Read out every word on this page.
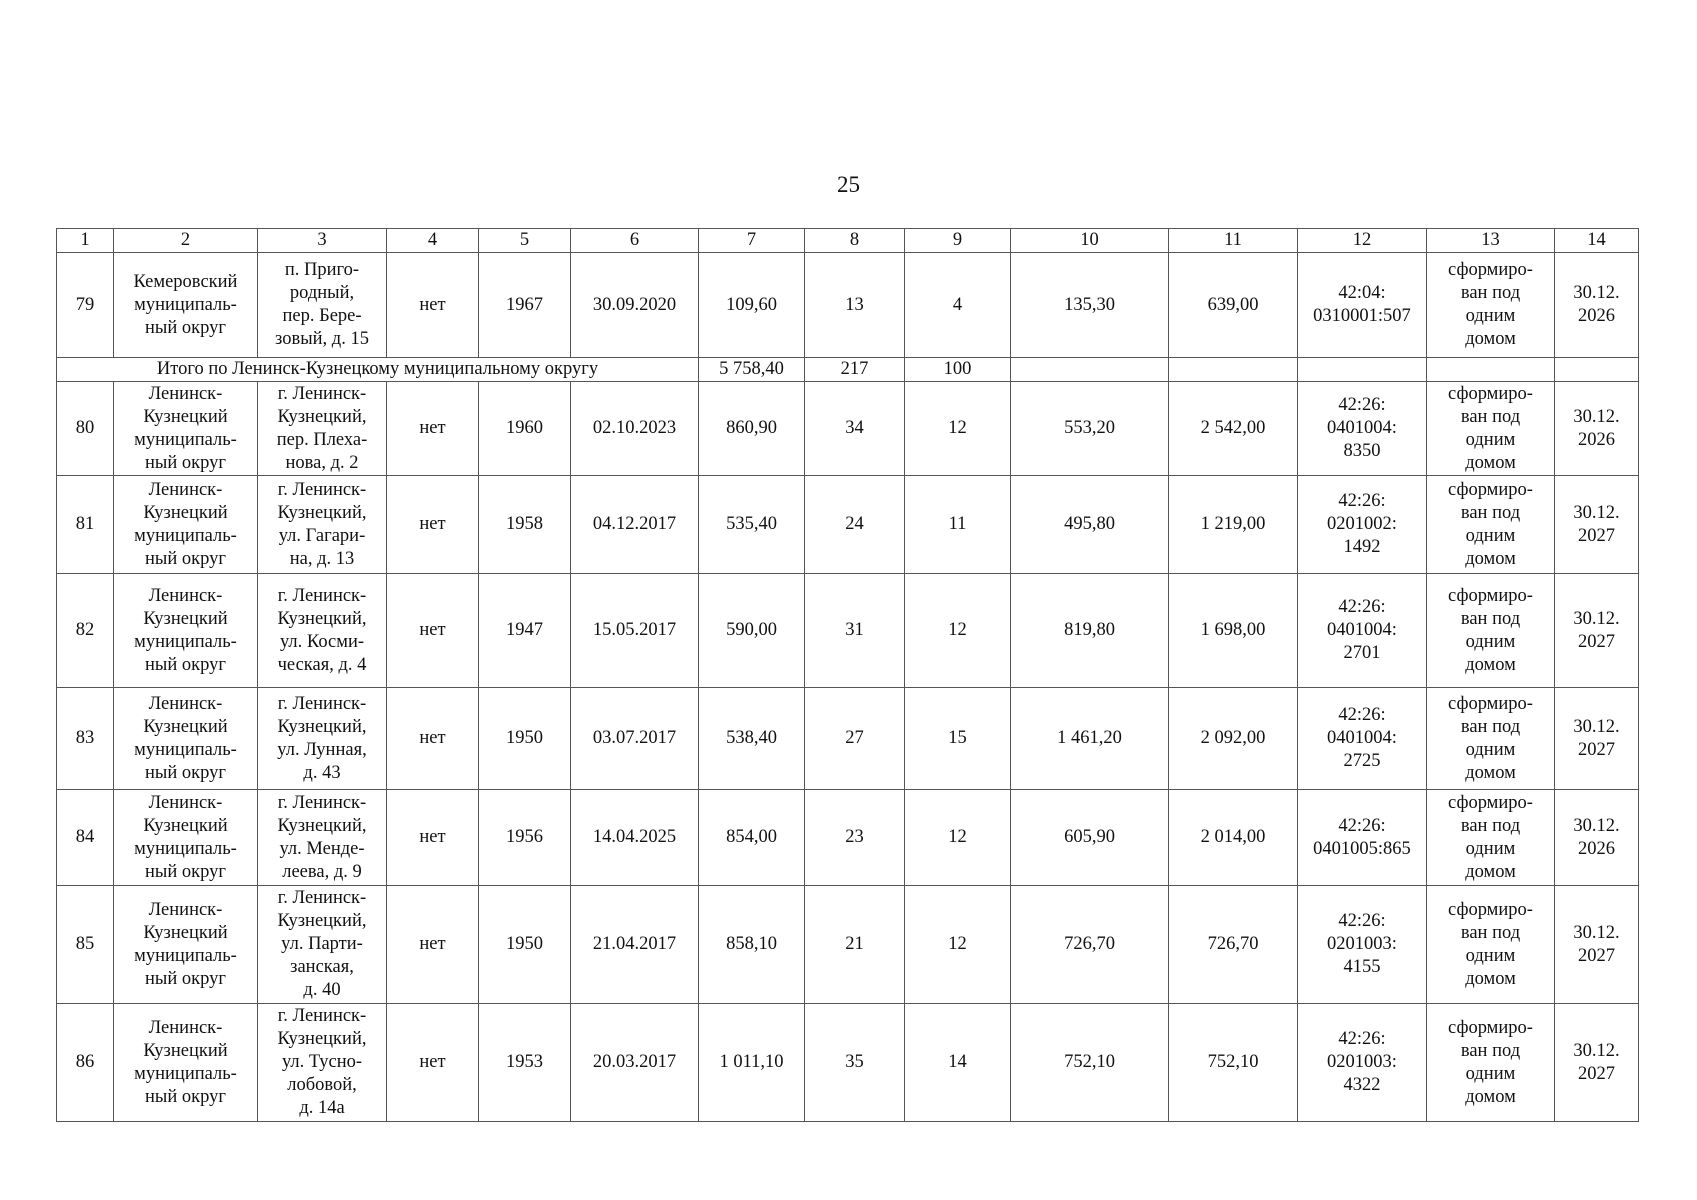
25
1	2	3	4	5	6	7	8	9	10	11	12	13	14
79	Кемеровский
муниципаль-
ный округ	п. Приго-
родный,
пер. Бере-
зовый, д. 15	нет	1967	30.09.2020	109,60	13	4	135,30	639,00	42:04:
0310001:507	сформиро-
ван под
одним
домом	30.12.
2026
Итого по Ленинск-Кузнецкому муниципальному округу						5 758,40	217	100					
80	Ленинск-
Кузнецкий
муниципаль-
ный округ	г. Ленинск-
Кузнецкий,
пер. Плеха-
нова, д. 2	нет	1960	02.10.2023	860,90	34	12	553,20	2 542,00	42:26:
0401004:
8350	сформиро-
ван под
одним
домом	30.12.
2026
81	Ленинск-
Кузнецкий
муниципаль-
ный округ	г. Ленинск-
Кузнецкий,
ул. Гагари-
на, д. 13	нет	1958	04.12.2017	535,40	24	11	495,80	1 219,00	42:26:
0201002:
1492	сформиро-
ван под
одним
домом	30.12.
2027
82	Ленинск-
Кузнецкий
муниципаль-
ный округ	г. Ленинск-
Кузнецкий,
ул. Косми-
ческая, д. 4	нет	1947	15.05.2017	590,00	31	12	819,80	1 698,00	42:26:
0401004:
2701	сформиро-
ван под
одним
домом	30.12.
2027
83	Ленинск-
Кузнецкий
муниципаль-
ный округ	г. Ленинск-
Кузнецкий,
ул. Лунная,
д. 43	нет	1950	03.07.2017	538,40	27	15	1 461,20	2 092,00	42:26:
0401004:
2725	сформиро-
ван под
одним
домом	30.12.
2027
84	Ленинск-
Кузнецкий
муниципаль-
ный округ	г. Ленинск-
Кузнецкий,
ул. Менде-
леева, д. 9	нет	1956	14.04.2025	854,00	23	12	605,90	2 014,00	42:26:
0401005:865	сформиро-
ван под
одним
домом	30.12.
2026
85	Ленинск-
Кузнецкий
муниципаль-
ный округ	г. Ленинск-
Кузнецкий,
ул. Парти-
занская,
д. 40	нет	1950	21.04.2017	858,10	21	12	726,70	726,70	42:26:
0201003:
4155	сформиро-
ван под
одним
домом	30.12.
2027
86	Ленинск-
Кузнецкий
муниципаль-
ный округ	г. Ленинск-
Кузнецкий,
ул. Тусно-
лобовой,
д. 14а	нет	1953	20.03.2017	1 011,10	35	14	752,10	752,10	42:26:
0201003:
4322	сформиро-
ван под
одним
домом	30.12.
2027
